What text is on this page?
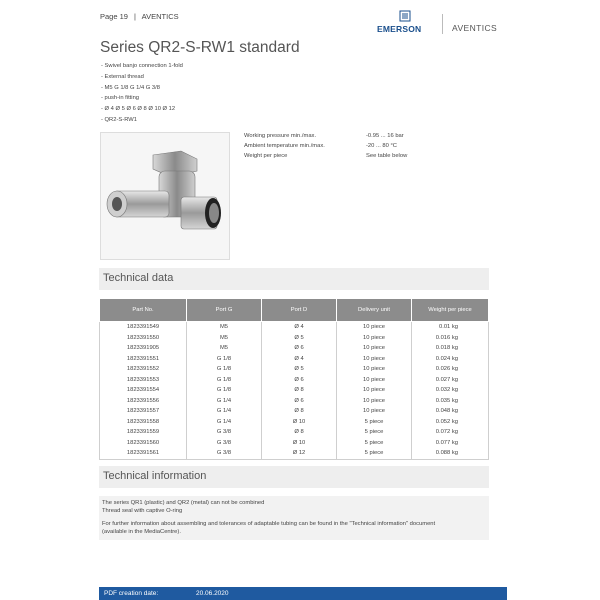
Page 19 | AVENTICS
EMERSON	AVENTICS
Series QR2-S-RW1 standard
- Swivel banjo connection 1-fold
- External thread
- M5 G 1/8 G 1/4 G 3/8
- push-in fitting
- Ø 4 Ø 5 Ø 6 Ø 8 Ø 10 Ø 12
- QR2-S-RW1
Working pressure min./max.	-0.95 ... 16 bar
Ambient temperature min./max.	-20 ... 80 °C
Weight per piece	See table below
Technical data
Part No.	Port G	Port D	Delivery unit	Weight per piece
1823391549	M5	Ø 4	10 piece	0.01 kg
1823391550	M5	Ø 5	10 piece	0.016 kg
1823391905	M5	Ø 6	10 piece	0.018 kg
1823391551	G 1/8	Ø 4	10 piece	0.024 kg
1823391552	G 1/8	Ø 5	10 piece	0.026 kg
1823391553	G 1/8	Ø 6	10 piece	0.027 kg
1823391554	G 1/8	Ø 8	10 piece	0.032 kg
1823391556	G 1/4	Ø 6	10 piece	0.035 kg
1823391557	G 1/4	Ø 8	10 piece	0.048 kg
1823391558	G 1/4	Ø 10	5 piece	0.052 kg
1823391559	G 3/8	Ø 8	5 piece	0.072 kg
1823391560	G 3/8	Ø 10	5 piece	0.077 kg
1823391561	G 3/8	Ø 12	5 piece	0.088 kg
Technical information

The series QR1 (plastic) and QR2 (metal) can not be combined

Thread seal with captive O-ring

For further information about assembling and tolerances of adaptable tubing can be found in the "Technical information" document

(available in the MediaCentre).

PDF creation date:	20.06.2020
